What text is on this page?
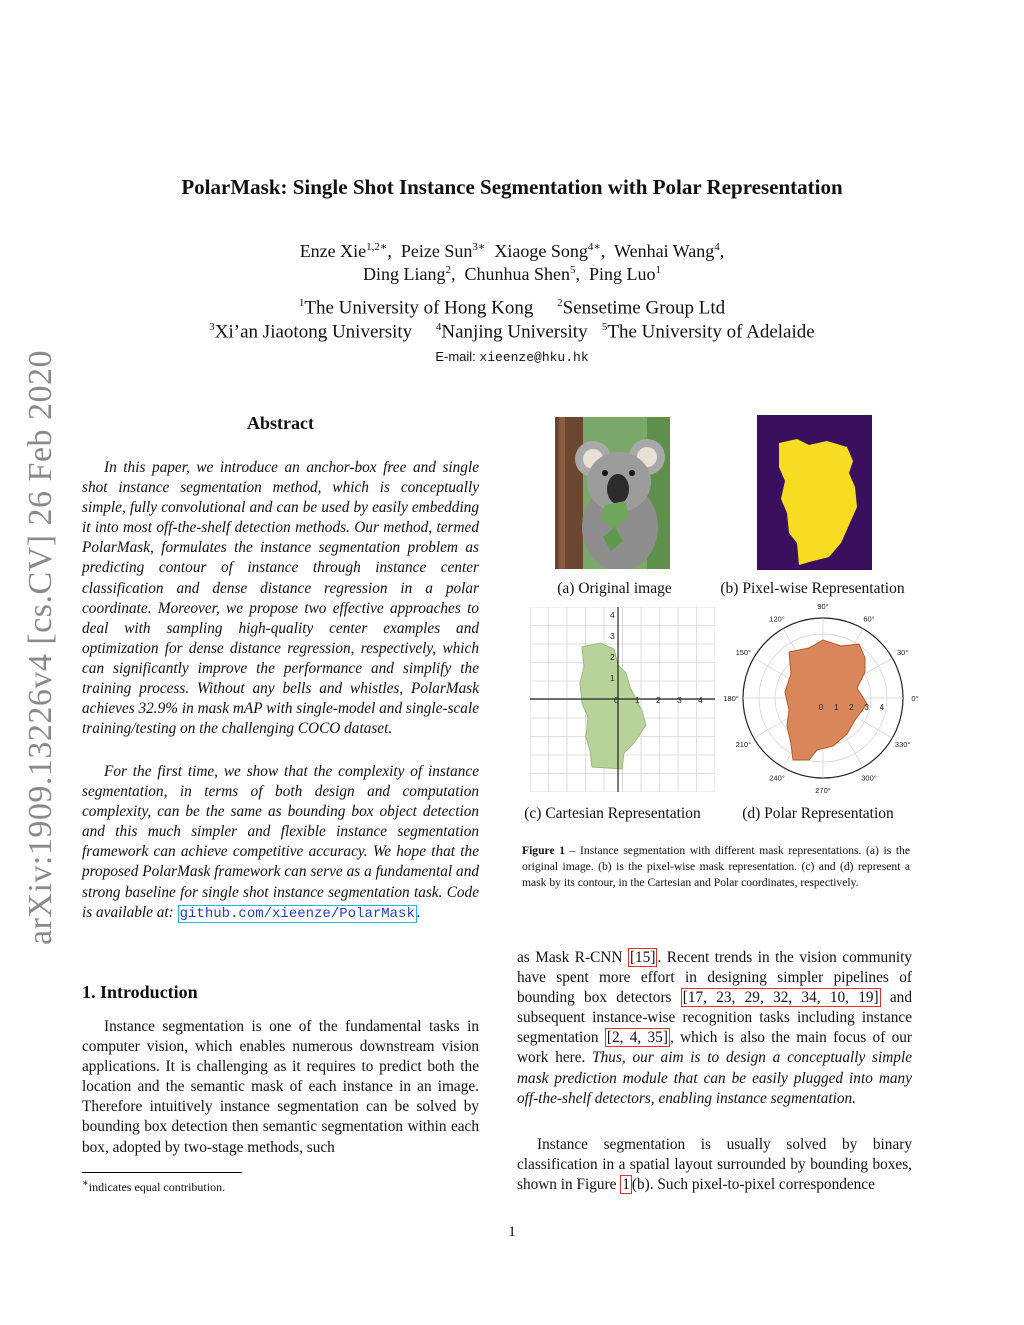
arXiv:1909.13226v4 [cs.CV] 26 Feb 2020
PolarMask: Single Shot Instance Segmentation with Polar Representation
Enze Xie$^{1,2∗}$,  Peize Sun$^{3∗}$ Xiaoge Song$^{4∗}$,  Wenhai Wang$^4$,
Ding Liang$^2$,  Chunhua Shen$^5$,  Ping Luo$^1$
$^1$The University of Hong Kong $^2$Sensetime Group Ltd
$^3$Xi’an Jiaotong University $^4$Nanjing University $^5$The University of Adelaide
E-mail: xieenze@hku.hk
Abstract
In this paper, we introduce an anchor-box free and single shot instance segmentation method, which is conceptually simple, fully convolutional and can be used by easily embedding it into most off-the-shelf detection methods. Our method, termed PolarMask, formulates the instance segmentation problem as predicting contour of instance through instance center classification and dense distance regression in a polar coordinate. Moreover, we propose two effective approaches to deal with sampling high-quality center examples and optimization for dense distance regression, respectively, which can significantly improve the performance and simplify the training process. Without any bells and whistles, PolarMask achieves 32.9% in mask mAP with single-model and single-scale training/testing on the challenging COCO dataset.
For the first time, we show that the complexity of instance segmentation, in terms of both design and computation complexity, can be the same as bounding box object detection and this much simpler and flexible instance segmentation framework can achieve competitive accuracy. We hope that the proposed PolarMask framework can serve as a fundamental and strong baseline for single shot instance segmentation task. Code is available at: github.com/xieenze/PolarMask .
1. Introduction
Instance segmentation is one of the fundamental tasks in computer vision, which enables numerous downstream vision applications. It is challenging as it requires to predict both the location and the semantic mask of each instance in an image. Therefore intuitively instance segmentation can be solved by bounding box detection then semantic segmentation within each box, adopted by two-stage methods, such
as Mask R-CNN [15] . Recent trends in the vision community have spent more effort in designing simpler pipelines of bounding box detectors [17, 23, 29, 32, 34, 10, 19] and subsequent instance-wise recognition tasks including instance segmentation [2, 4, 35] , which is also the main focus of our work here. Thus, our aim is to design a conceptually simple mask prediction module that can be easily plugged into many off-the-shelf detectors, enabling instance segmentation.
Instance segmentation is usually solved by binary classification in a spatial layout surrounded by bounding boxes, shown in Figure 1 (b). Such pixel-to-pixel correspondence
∗indicates equal contribution.
1
(a) Original image	(b) Pixel-wise Representation
0 1 2 3 4
1
2
3
4
0°
30°
60°
90°
120°
150°
180°
210°
240°
270°
300°
330°
0 1 2 3 4
(c) Cartesian Representation	(d) Polar Representation
Figure 1 – Instance segmentation with different mask representations. (a) is the original image. (b) is the pixel-wise mask representation. (c) and (d) represent a mask by its contour, in the Cartesian and Polar coordinates, respectively.
